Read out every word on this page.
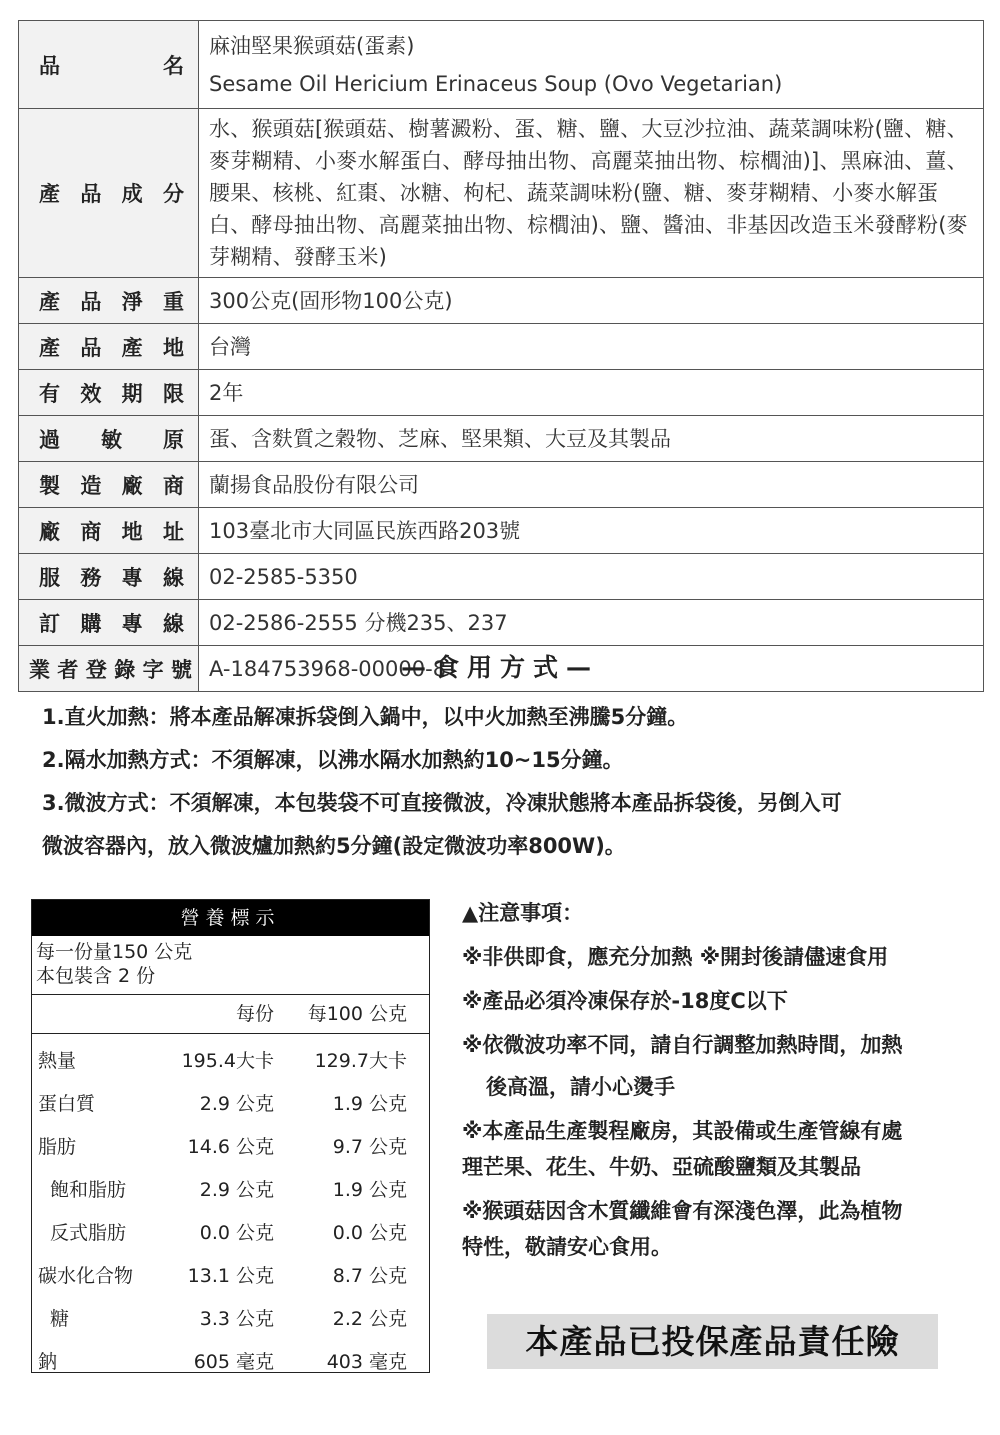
品名	麻油堅果猴頭菇(蛋素)
Sesame Oil Hericium Erinaceus Soup (Ovo Vegetarian)

產品成分	水、猴頭菇[猴頭菇、樹薯澱粉、蛋、糖、鹽、大豆沙拉油、蔬菜調味粉(鹽、糖、麥芽糊精、小麥水解蛋白、酵母抽出物、高麗菜抽出物、棕櫚油)]、黑麻油、薑、腰果、核桃、紅棗、冰糖、枸杞、蔬菜調味粉(鹽、糖、麥芽糊精、小麥水解蛋白、酵母抽出物、高麗菜抽出物、棕櫚油)、鹽、醬油、非基因改造玉米發酵粉(麥芽糊精、發酵玉米)
產品淨重	300公克(固形物100公克)
產品產地	台灣
有效期限	2年
過敏原	蛋、含麩質之穀物、芝麻、堅果類、大豆及其製品
製造廠商	蘭揚食品股份有限公司
廠商地址	103臺北市大同區民族西路203號
服務專線	02-2585-5350
訂購專線	02-2586-2555 分機235、237
業者登錄字號	A-184753968-00000-8
—食用方式—
1.直火加熱：將本產品解凍拆袋倒入鍋中，以中火加熱至沸騰5分鐘。
2.隔水加熱方式：不須解凍，以沸水隔水加熱約10~15分鐘。
3.微波方式：不須解凍，本包裝袋不可直接微波，冷凍狀態將本產品拆袋後，另倒入可
微波容器內，放入微波爐加熱約5分鐘(設定微波功率800W)。
營養標示
每一份量150 公克
本包裝含 2 份
每份 每100 公克
熱量	195.4大卡 129.7大卡
蛋白質	2.9 公克	1.9 公克
脂肪	14.6 公克	9.7 公克
飽和脂肪	2.9 公克	1.9 公克
反式脂肪	0.0 公克	0.0 公克
碳水化合物	13.1 公克	8.7 公克
糖	3.3 公克	2.2 公克
鈉	605 毫克	403 毫克
▲注意事項：
※非供即食，應充分加熱 ※開封後請儘速食用
※產品必須冷凍保存於-18度C以下
※依微波功率不同，請自行調整加熱時間，加熱
後高溫，請小心燙手
※本產品生產製程廠房，其設備或生產管線有處
理芒果、花生、牛奶、亞硫酸鹽類及其製品
※猴頭菇因含木質纖維會有深淺色澤，此為植物
特性，敬請安心食用。
本產品已投保產品責任險
